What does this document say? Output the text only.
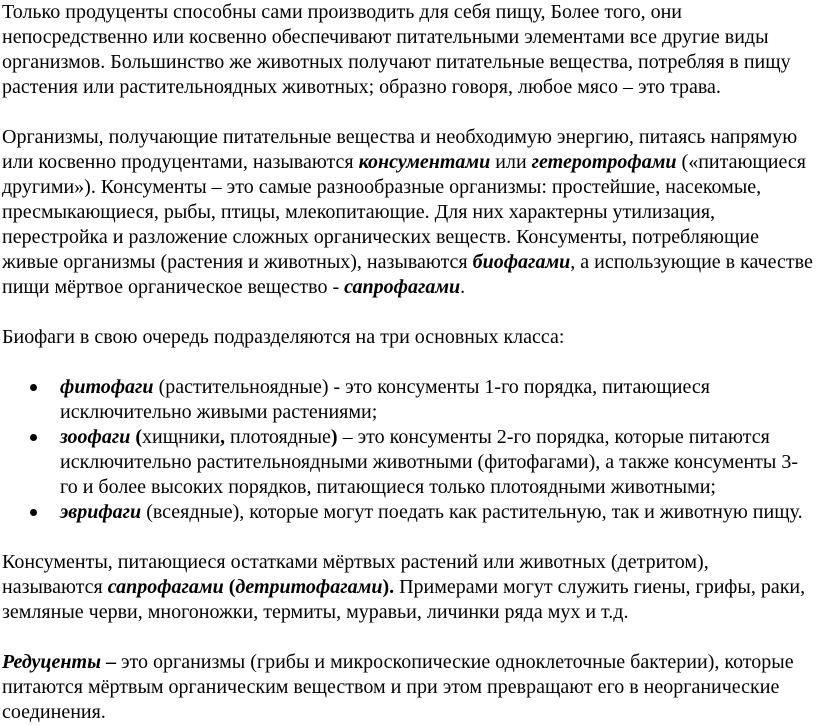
Только продуценты способны сами производить для себя пищу, Более того, они непосредственно или косвенно обеспечивают питательными элементами все другие виды организмов. Большинство же животных получают питательные вещества, потребляя в пищу растения или растительноядных животных; образно говоря, любое мясо – это трава.

Организмы, получающие питательные вещества и необходимую энергию, питаясь напрямую или косвенно продуцентами, называются консументами или гетеротрофами («питающиеся другими»). Консументы – это самые разнообразные организмы: простейшие, насекомые, пресмыкающиеся, рыбы, птицы, млекопитающие. Для них характерны утилизация, перестройка и разложение сложных органических веществ. Консументы, потребляющие живые организмы (растения и животных), называются биофагами, а использующие в качестве пищи мёртвое органическое вещество - сапрофагами.

Биофаги в свою очередь подразделяются на три основных класса:

фитофаги (растительноядные) - это консументы 1-го порядка, питающиеся исключительно живыми растениями;
зоофаги (хищники, плотоядные) – это консументы 2-го порядка, которые питаются исключительно растительноядными животными (фитофагами), а также консументы 3-го и более высоких порядков, питающиеся только плотоядными животными;
эврифаги (всеядные), которые могут поедать как растительную, так и животную пищу.

Консументы, питающиеся остатками мёртвых растений или животных (детритом), называются сапрофагами (детритофагами). Примерами могут служить гиены, грифы, раки, земляные черви, многоножки, термиты, муравьи, личинки ряда мух и т.д.

Редуценты – это организмы (грибы и микроскопические одноклеточные бактерии), которые питаются мёртвым органическим веществом и при этом превращают его в неорганические соединения.
